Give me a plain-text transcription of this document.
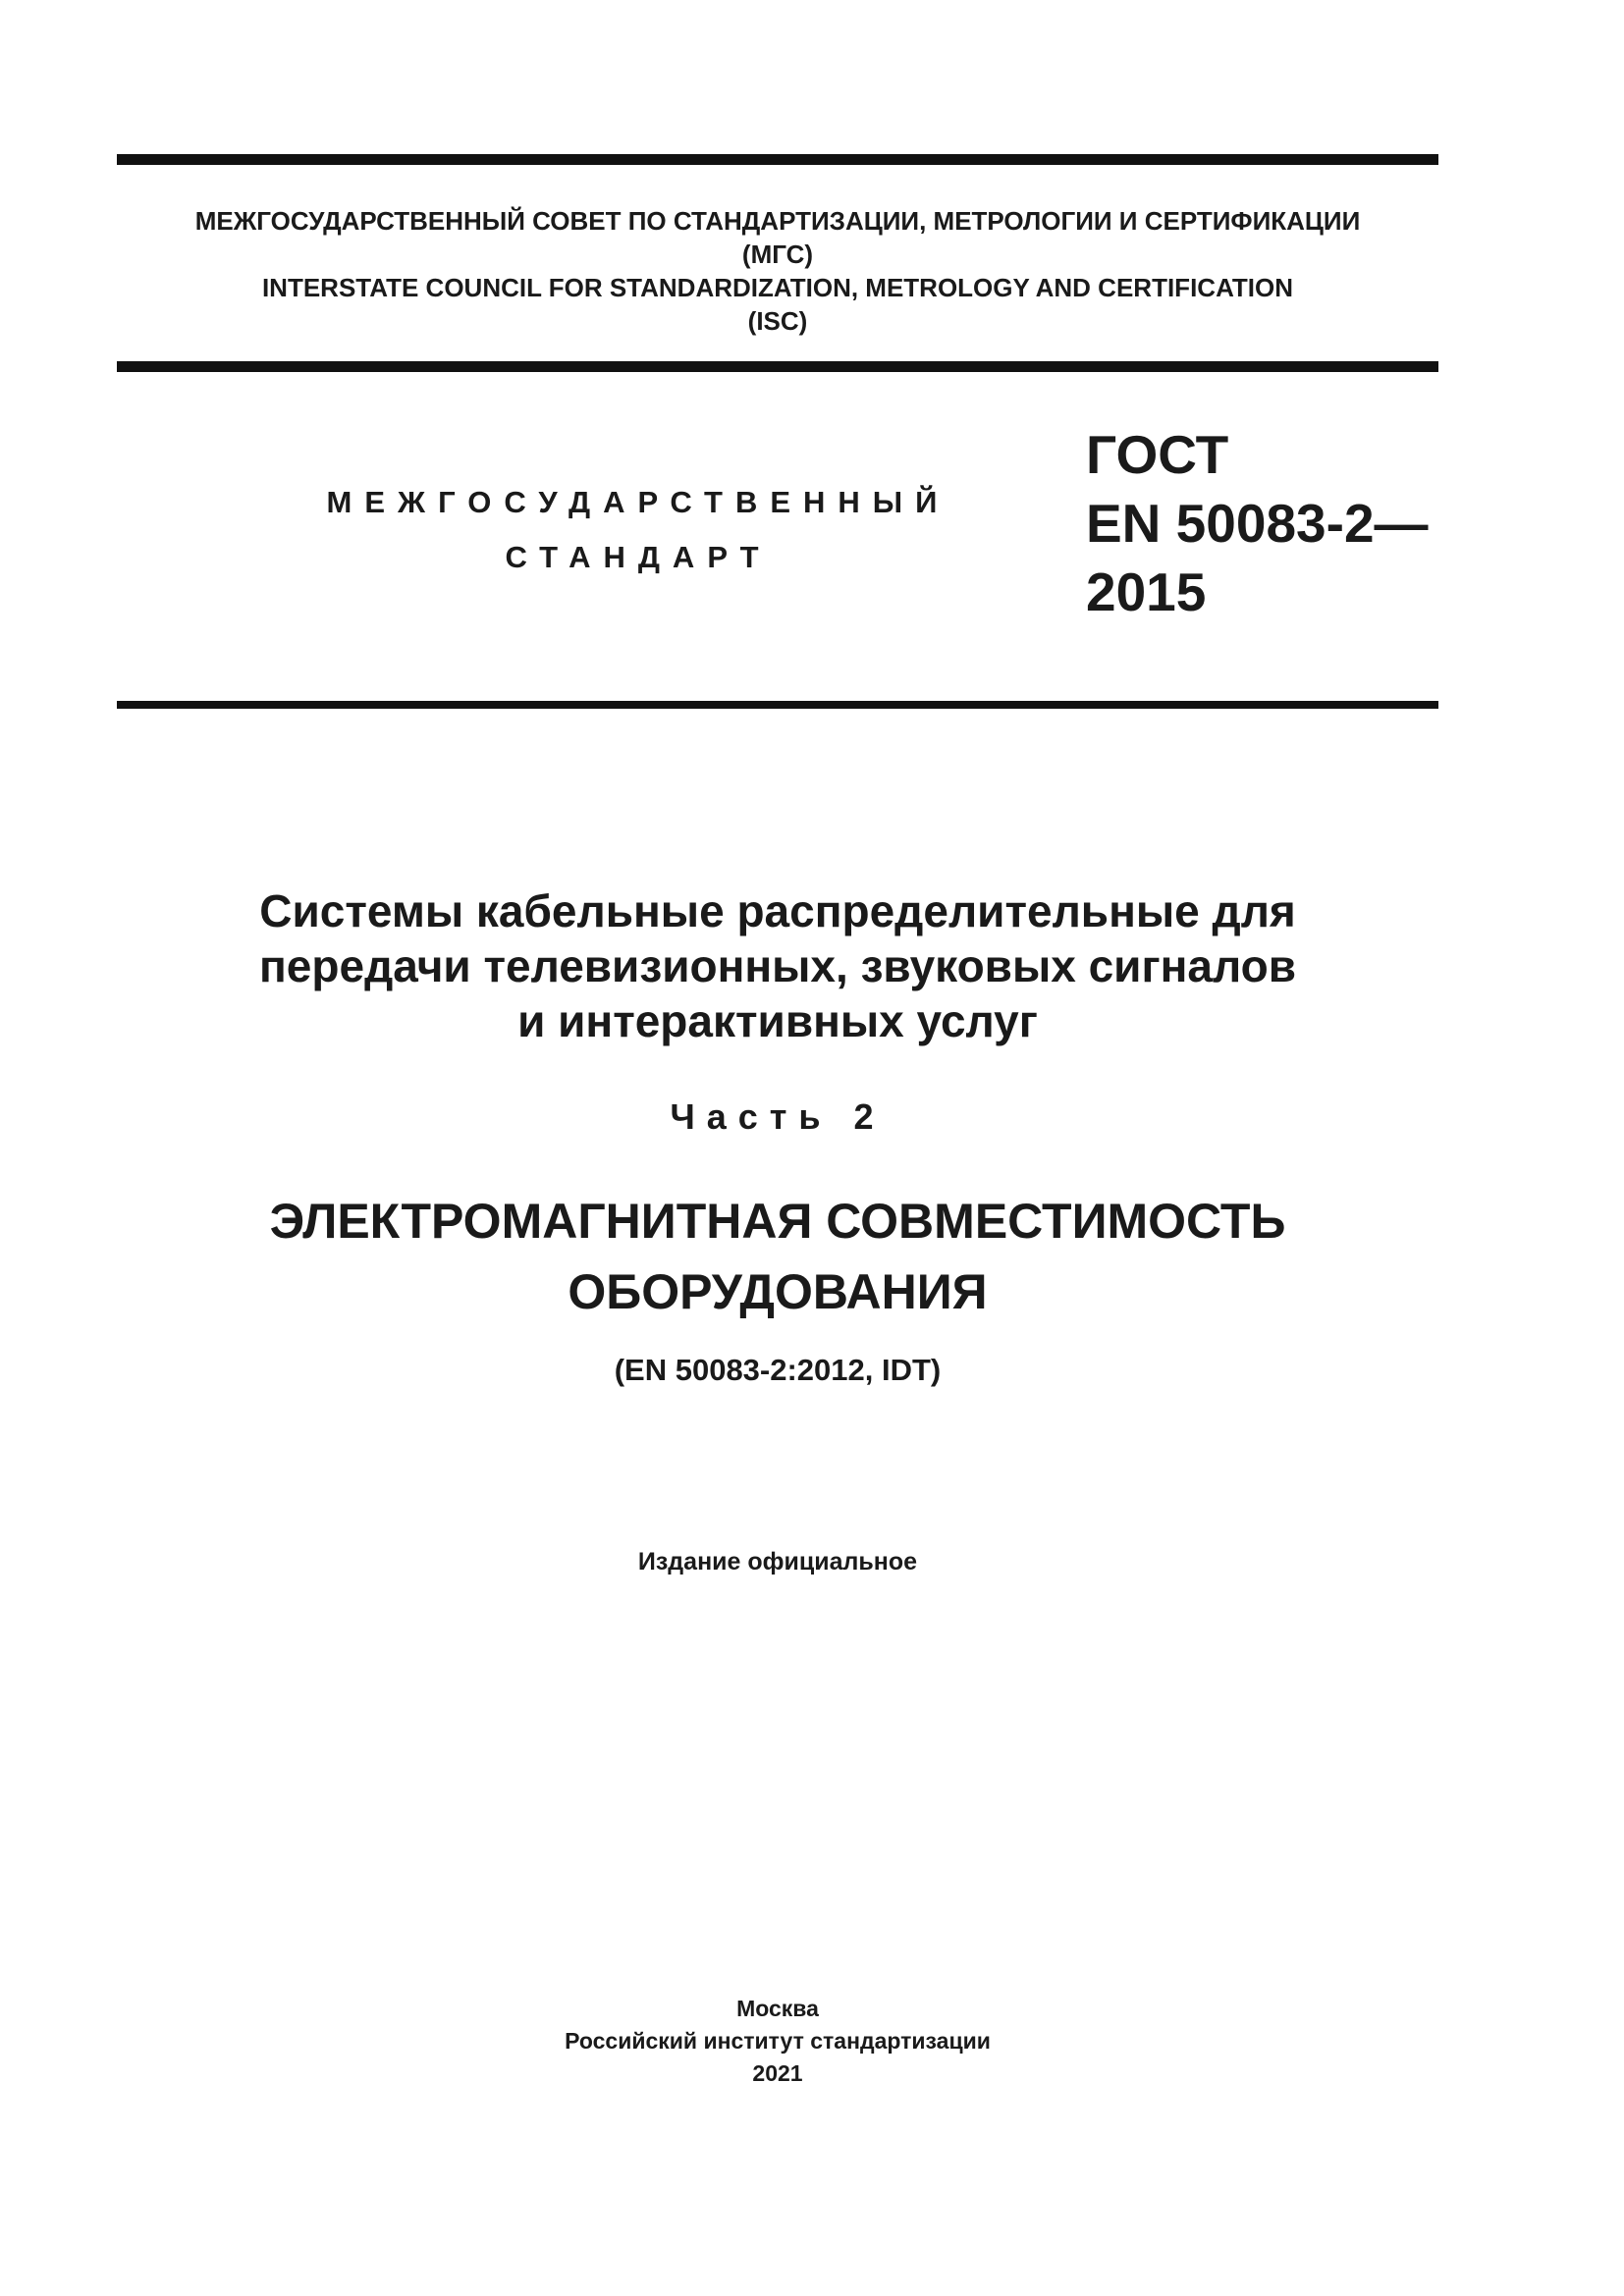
МЕЖГОСУДАРСТВЕННЫЙ СОВЕТ ПО СТАНДАРТИЗАЦИИ, МЕТРОЛОГИИ И СЕРТИФИКАЦИИ
(МГС)
INTERSTATE COUNCIL FOR STANDARDIZATION, METROLOGY AND CERTIFICATION
(ISC)
МЕЖГОСУДАРСТВЕННЫЙ
СТАНДАРТ
ГОСТ
EN 50083-2—
2015
Системы кабельные распределительные для
передачи телевизионных, звуковых сигналов
и интерактивных услуг
Часть 2
ЭЛЕКТРОМАГНИТНАЯ СОВМЕСТИМОСТЬ
ОБОРУДОВАНИЯ
(EN 50083-2:2012, IDT)
Издание официальное
Москва
Российский институт стандартизации
2021
